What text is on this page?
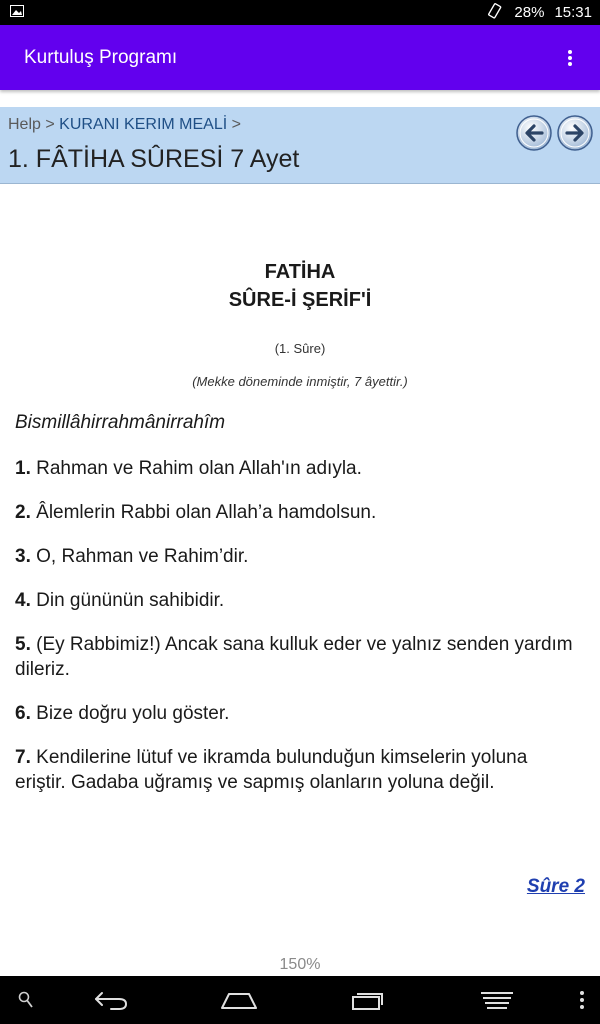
28% 15:31
Kurtuluş Programı
Help > KURANI KERIM MEALİ >
1. FÂTİHA SÛRESİ 7 Ayet
FATİHA
SÛRE-İ ŞERİF'İ
(1. Sûre)
(Mekke döneminde inmiştir, 7 âyettir.)
Bismillâhirrahmânirrahîm

1. Rahman ve Rahim olan Allah'ın adıyla.

2. Âlemlerin Rabbi olan Allah’a hamdolsun.

3. O, Rahman ve Rahim’dir.

4. Din gününün sahibidir.

5. (Ey Rabbimiz!) Ancak sana kulluk eder ve yalnız senden yardım dileriz.

6. Bize doğru yolu göster.

7. Kendilerine lütuf ve ikramda bulunduğun kimselerin yoluna eriştir. Gadaba uğramış ve sapmış olanların yoluna değil.

Sûre 2
150%
